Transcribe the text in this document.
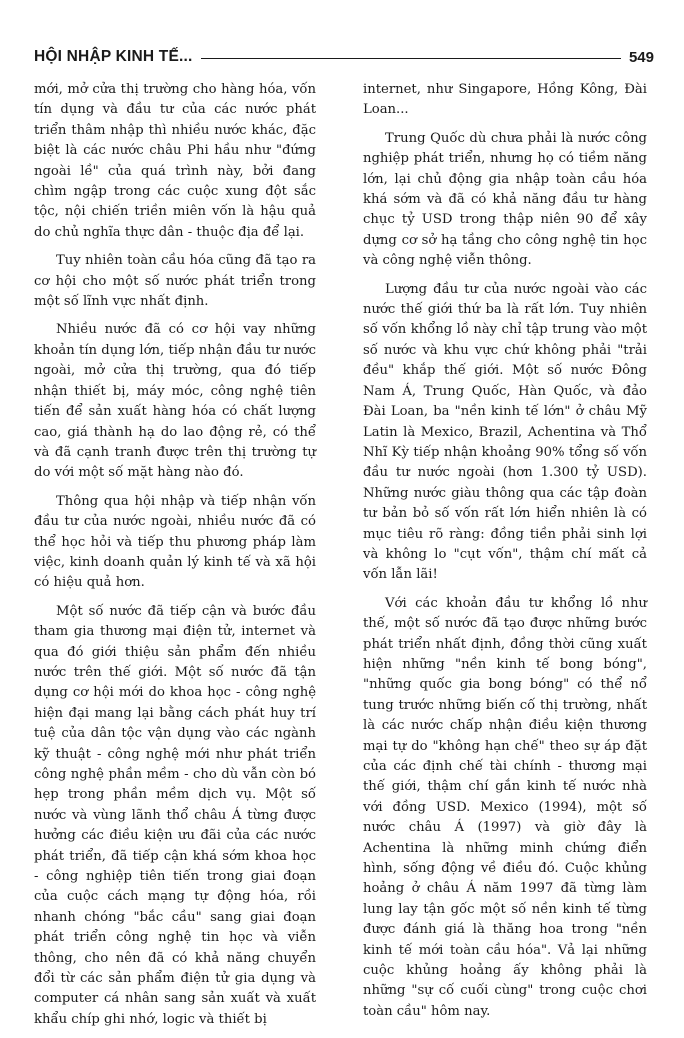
HỘI NHẬP KINH TẾ...	549

mới, mở cửa thị trường cho hàng hóa, vốn tín dụng và đầu tư của các nước phát triển thâm nhập thì nhiều nước khác, đặc biệt là các nước châu Phi hầu như "đứng ngoài lề" của quá trình này, bởi đang chìm ngập trong các cuộc xung đột sắc tộc, nội chiến triền miên vốn là hậu quả do chủ nghĩa thực dân - thuộc địa để lại.

Tuy nhiên toàn cầu hóa cũng đã tạo ra cơ hội cho một số nước phát triển trong một số lĩnh vực nhất định.

Nhiều nước đã có cơ hội vay những khoản tín dụng lớn, tiếp nhận đầu tư nước ngoài, mở cửa thị trường, qua đó tiếp nhận thiết bị, máy móc, công nghệ tiên tiến để sản xuất hàng hóa có chất lượng cao, giá thành hạ do lao động rẻ, có thể và đã cạnh tranh được trên thị trường tự do với một số mặt hàng nào đó.

Thông qua hội nhập và tiếp nhận vốn đầu tư của nước ngoài, nhiều nước đã có thể học hỏi và tiếp thu phương pháp làm việc, kinh doanh quản lý kinh tế và xã hội có hiệu quả hơn.

Một số nước đã tiếp cận và bước đầu tham gia thương mại điện tử, internet và qua đó giới thiệu sản phẩm đến nhiều nước trên thế giới. Một số nước đã tận dụng cơ hội mới do khoa học - công nghệ hiện đại mang lại bằng cách phát huy trí tuệ của dân tộc vận dụng vào các ngành kỹ thuật - công nghệ mới như phát triển công nghệ phần mềm - cho dù vẫn còn bó hẹp trong phần mềm dịch vụ. Một số nước và vùng lãnh thổ châu Á từng được hưởng các điều kiện ưu đãi của các nước phát triển, đã tiếp cận khá sớm khoa học - công nghiệp tiên tiến trong giai đoạn của cuộc cách mạng tự động hóa, rồi nhanh chóng "bắc cầu" sang giai đoạn phát triển công nghệ tin học và viễn thông, cho nên đã có khả năng chuyển đổi từ các sản phẩm điện tử gia dụng và computer cá nhân sang sản xuất và xuất khẩu chíp ghi nhớ, logic và thiết bị

internet, như Singapore, Hồng Kông, Đài Loan...

Trung Quốc dù chưa phải là nước công nghiệp phát triển, nhưng họ có tiềm năng lớn, lại chủ động gia nhập toàn cầu hóa khá sớm và đã có khả năng đầu tư hàng chục tỷ USD trong thập niên 90 để xây dựng cơ sở hạ tầng cho công nghệ tin học và công nghệ viễn thông.

Lượng đầu tư của nước ngoài vào các nước thế giới thứ ba là rất lớn. Tuy nhiên số vốn khổng lồ này chỉ tập trung vào một số nước và khu vực chứ không phải "trải đều" khắp thế giới. Một số nước Đông Nam Á, Trung Quốc, Hàn Quốc, và đảo Đài Loan, ba "nền kinh tế lớn" ở châu Mỹ Latin là Mexico, Brazil, Achentina và Thổ Nhĩ Kỳ tiếp nhận khoảng 90% tổng số vốn đầu tư nước ngoài (hơn 1.300 tỷ USD). Những nước giàu thông qua các tập đoàn tư bản bỏ số vốn rất lớn hiển nhiên là có mục tiêu rõ ràng: đồng tiền phải sinh lợi và không lo "cụt vốn", thậm chí mất cả vốn lẫn lãi!

Với các khoản đầu tư khổng lồ như thế, một số nước đã tạo được những bước phát triển nhất định, đồng thời cũng xuất hiện những "nền kinh tế bong bóng", "những quốc gia bong bóng" có thể nổ tung trước những biến cố thị trường, nhất là các nước chấp nhận điều kiện thương mại tự do "không hạn chế" theo sự áp đặt của các định chế tài chính - thương mại thế giới, thậm chí gắn kinh tế nước nhà với đồng USD. Mexico (1994), một số nước châu Á (1997) và giờ đây là Achentina là những minh chứng điển hình, sống động về điều đó. Cuộc khủng hoảng ở châu Á năm 1997 đã từng làm lung lay tận gốc một số nền kinh tế từng được đánh giá là thăng hoa trong "nền kinh tế mới toàn cầu hóa". Vả lại những cuộc khủng hoảng ấy không phải là những "sự cố cuối cùng" trong cuộc chơi toàn cầu" hôm nay.
